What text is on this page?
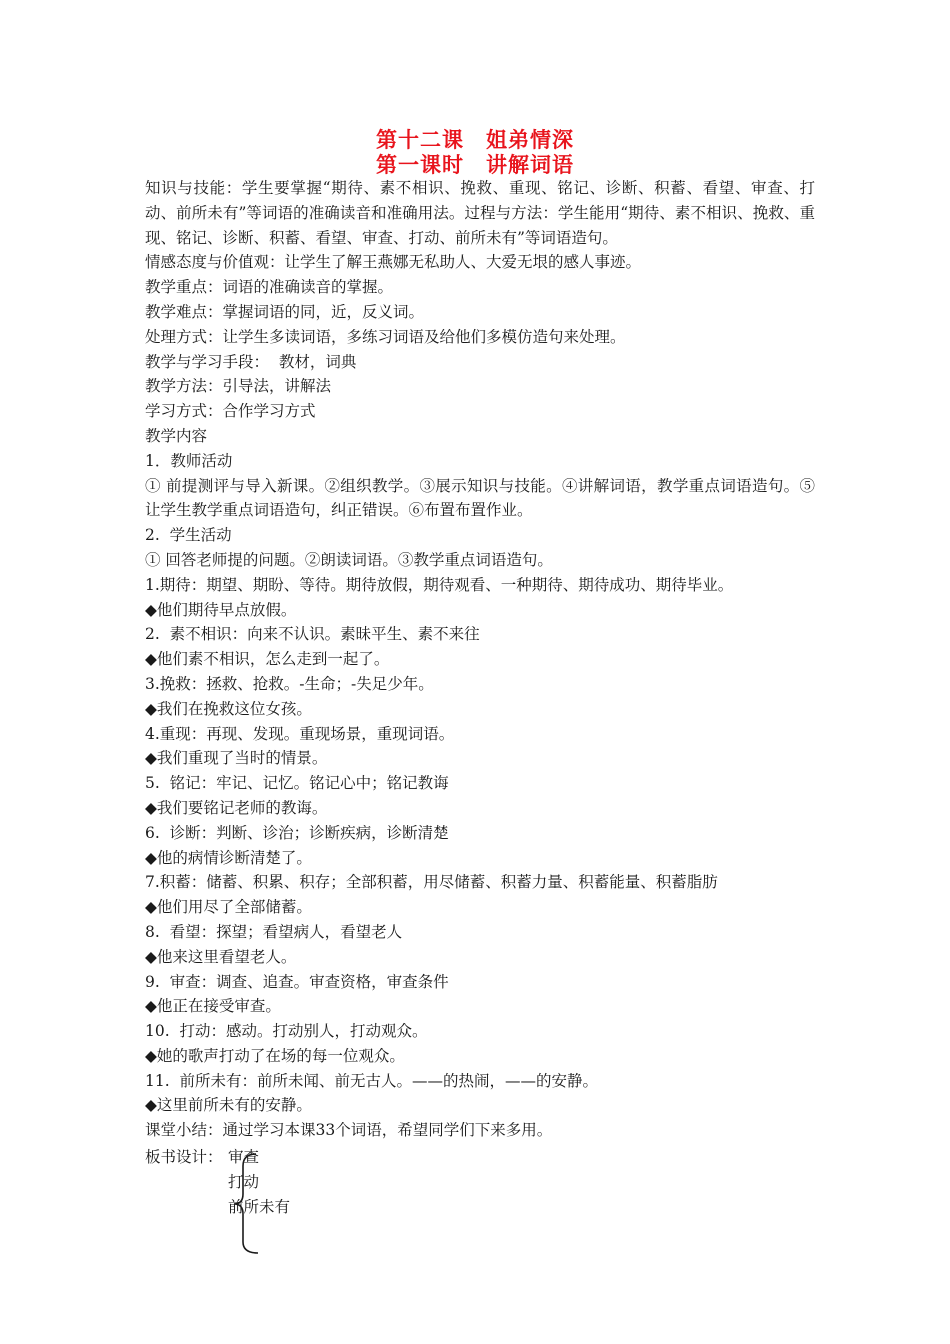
第十二课 姐弟情深
第一课时 讲解词语
知识与技能：学生要掌握“期待、素不相识、挽救、重现、铭记、诊断、积蓄、看望、审查、打动、前所未有”等词语的准确读音和准确用法。过程与方法：学生能用“期待、素不相识、挽救、重现、铭记、诊断、积蓄、看望、审查、打动、前所未有”等词语造句。
情感态度与价值观：让学生了解王燕娜无私助人、大爱无垠的感人事迹。
教学重点：词语的准确读音的掌握。
教学难点：掌握词语的同，近，反义词。
处理方式：让学生多读词语，多练习词语及给他们多模仿造句来处理。
教学与学习手段：  教材，词典
教学方法：引导法，讲解法
学习方式：合作学习方式
教学内容
1．教师活动
① 前提测评与导入新课。②组织教学。③展示知识与技能。④讲解词语，教学重点词语造句。⑤让学生教学重点词语造句，纠正错误。⑥布置布置作业。
2.  学生活动
① 回答老师提的问题。②朗读词语。③教学重点词语造句。
1.期待：期望、期盼、等待。期待放假，期待观看、一种期待、期待成功、期待毕业。
◆他们期待早点放假。
2.  素不相识：向来不认识。素昧平生、素不来往
◆他们素不相识，怎么走到一起了。
3.挽救：拯救、抢救。-生命；-失足少年。
◆我们在挽救这位女孩。
4.重现：再现、发现。重现场景，重现词语。
◆我们重现了当时的情景。
5.  铭记：牢记、记忆。铭记心中；铭记教诲
◆我们要铭记老师的教诲。
6.  诊断：判断、诊治；诊断疾病，诊断清楚
◆他的病情诊断清楚了。
7.积蓄：储蓄、积累、积存；全部积蓄，用尽储蓄、积蓄力量、积蓄能量、积蓄脂肪
◆他们用尽了全部储蓄。
8.  看望：探望；看望病人，看望老人
◆他来这里看望老人。
9.  审查：调查、追查。审查资格，审查条件
◆他正在接受审查。
10.  打动：感动。打动别人，打动观众。
◆她的歌声打动了在场的每一位观众。
11.  前所未有：前所未闻、前无古人。——的热闹，——的安静。
◆这里前所未有的安静。
课堂小结：通过学习本课33个词语，希望同学们下来多用。
板书设计： 审查
打动
前所未有
